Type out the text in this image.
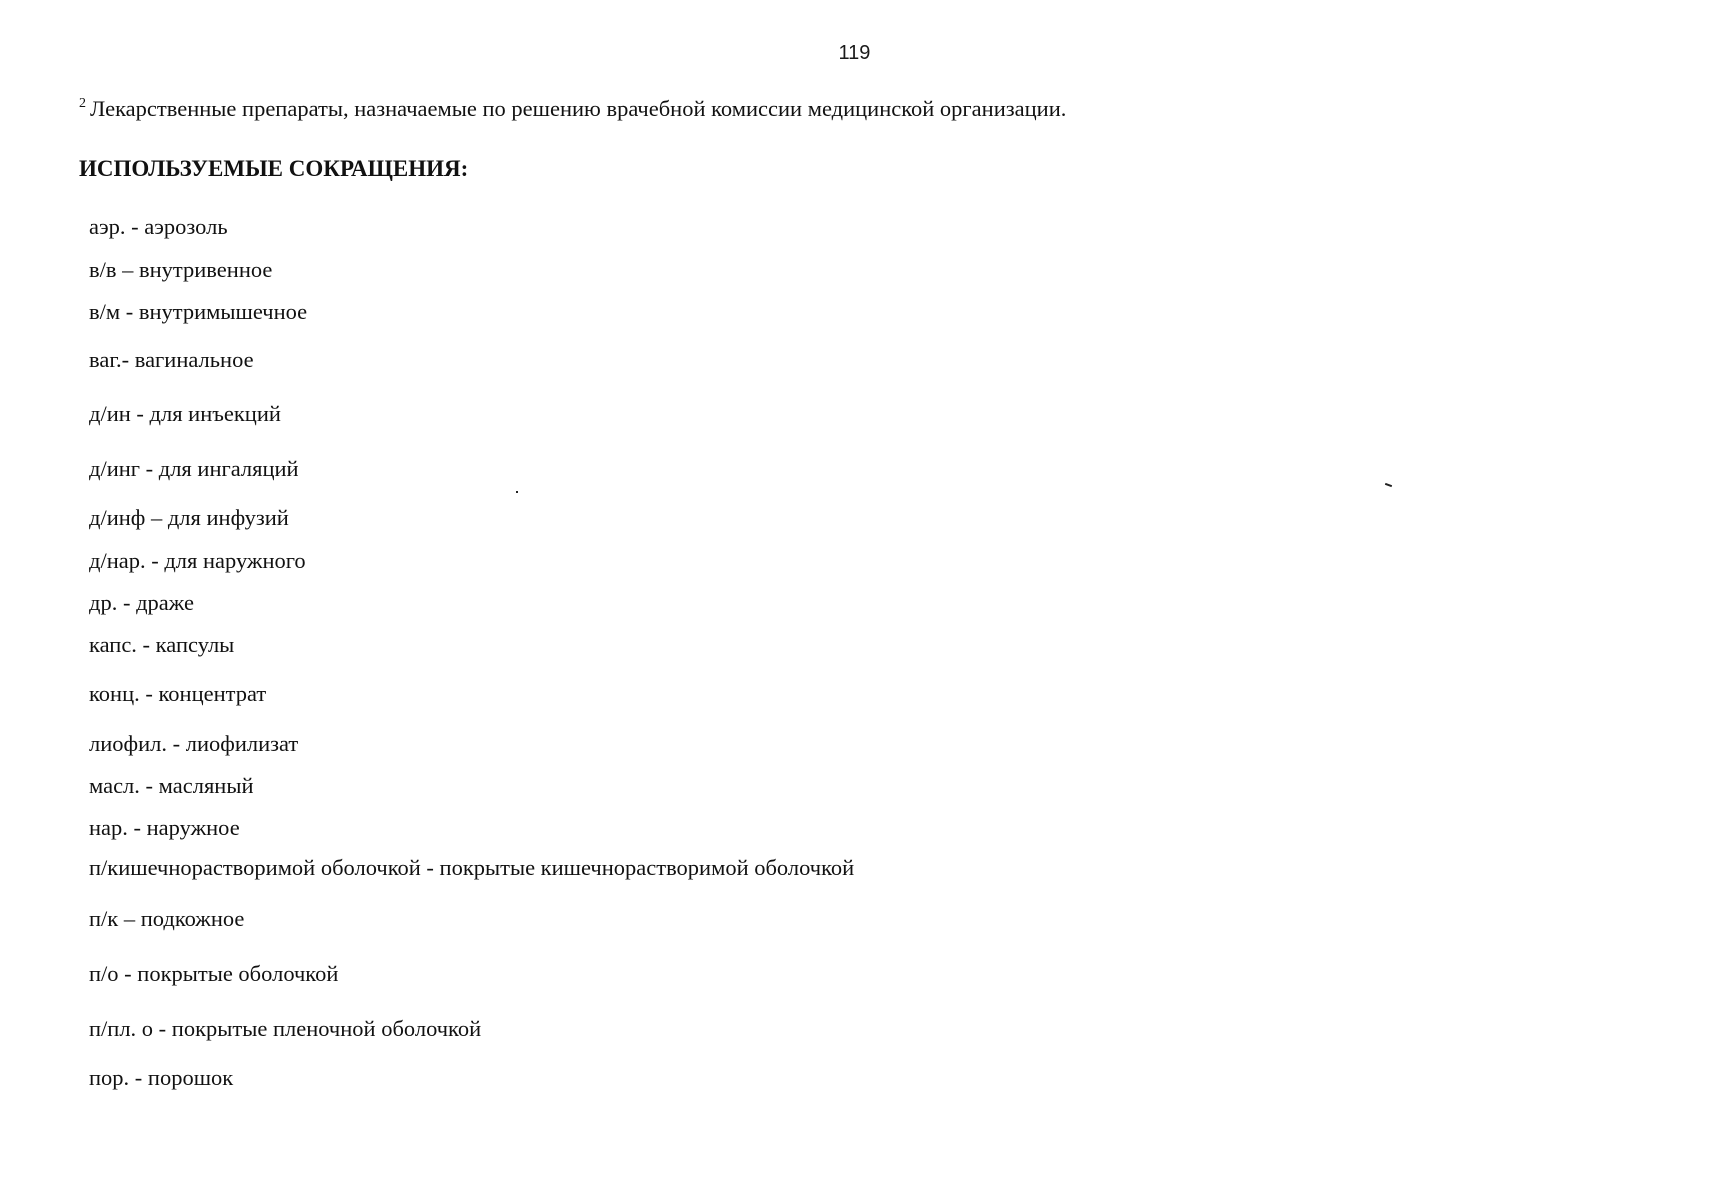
119
$^2$ Лекарственные препараты, назначаемые по решению врачебной комиссии медицинской организации.
ИСПОЛЬЗУЕМЫЕ СОКРАЩЕНИЯ:
аэр. - аэрозоль
в/в – внутривенное
в/м - внутримышечное
ваг.- вагинальное
д/ин - для инъекций
д/инг - для ингаляций
д/инф – для инфузий
д/нар. - для наружного
др. - драже
капс. - капсулы
конц. - концентрат
лиофил. - лиофилизат
масл. - масляный
нар. - наружное
п/кишечнорастворимой оболочкой - покрытые кишечнорастворимой оболочкой
п/к – подкожное
п/о - покрытые оболочкой
п/пл. о - покрытые пленочной оболочкой
пор. - порошок
